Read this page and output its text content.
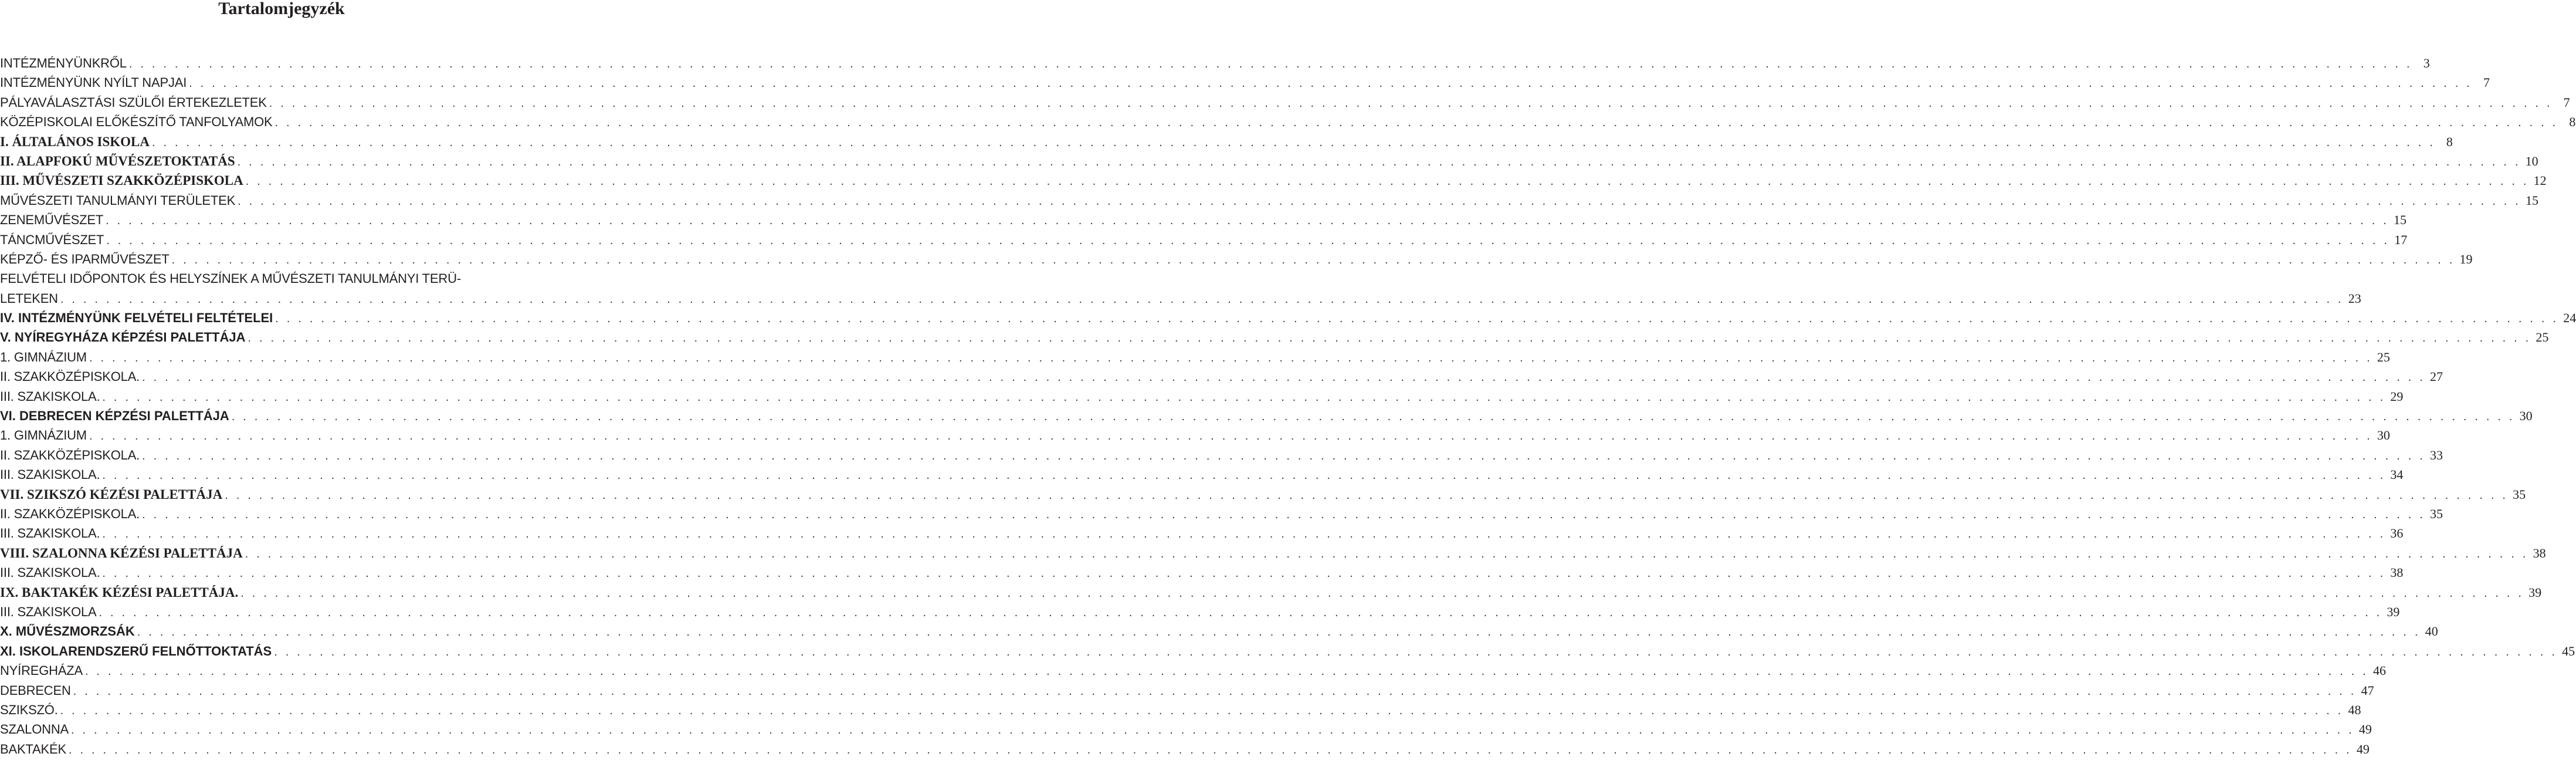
Tartalomjegyzék
INTÉZMÉNYÜNKRŐL . . . . . . . . . . . . . . . . . . . . . . . . . . . . . . . . . . . . . . . . . . . . . . . . . . . . . . . . . . . . . . . . . . . . . . . . . . . . . . . . . . . . . . . . . . . . . . . . . . . . . . . . . . . . . . . . . . . . . . . . . . . . . . . . . . . . . . . . . . . . . . . . . . . . . . . . . . . . . . . . . . . . . . . . . . . . . . . . . . . . . . . . . . . . . . . . . . . . . . . . 3
INTÉZMÉNYÜNK NYÍLT NAPJAI . . . . . . . . . . . . . . . . . . . . . . . . . . . . . . . . . . . . . . . . . . . . . . . . . . . . . . . . . . . . . . . . . . . . . . . . . . . . . . . . . . . . . . . . . . . . . . . . . . . . . . . . . . . . . . . . . . . . . . . . . . . . . . . . . . . . . . . . . . . . . . . . . . . . . . . . . . . . . . . . . . . . . . . . . . . . . . . . . . . . . . . . . . . . . . . . . . . . . . . . 7
PÁLYAVÁLASZTÁSI SZÜLŐI ÉRTEKEZLETEK . . . . . . . . . . . . . . . . . . . . . . . . . . . . . . . . . . . . . . . . . . . . . . . . . . . . . . . . . . . . . . . . . . . . . . . . . . . . . . . . . . . . . . . . . . . . . . . . . . . . . . . . . . . . . . . . . . . . . . . . . . . . . . . . . . . . . . . . . . . . . . . . . . . . . . . . . . . . . . . . . . . . . . . . . . . . . . . . . . . . . . . . . . . . . . . . . . . . . . . . 7
KÖZÉPISKOLAI ELŐKÉSZÍTŐ TANFOLYAMOK . . . . . . . . . . . . . . . . . . . . . . . . . . . . . . . . . . . . . . . . . . . . . . . . . . . . . . . . . . . . . . . . . . . . . . . . . . . . . . . . . . . . . . . . . . . . . . . . . . . . . . . . . . . . . . . . . . . . . . . . . . . . . . . . . . . . . . . . . . . . . . . . . . . . . . . . . . . . . . . . . . . . . . . . . . . . . . . . . . . . . . . . . . . . . . . . . . . . . . . . 8
I. ÁLTALÁNOS ISKOLA . . . . . . . . . . . . . . . . . . . . . . . . . . . . . . . . . . . . . . . . . . . . . . . . . . . . . . . . . . . . . . . . . . . . . . . . . . . . . . . . . . . . . . . . . . . . . . . . . . . . . . . . . . . . . . . . . . . . . . . . . . . . . . . . . . . . . . . . . . . . . . . . . . . . . . . . . . . . . . . . . . . . . . . . . . . . . . . . . . . . . . . . . . . . . . . . . . . . . . . . 8
II. ALAPFOKÚ MŰVÉSZETOKTATÁS . . . . . . . . . . . . . . . . . . . . . . . . . . . . . . . . . . . . . . . . . . . . . . . . . . . . . . . . . . . . . . . . . . . . . . . . . . . . . . . . . . . . . . . . . . . . . . . . . . . . . . . . . . . . . . . . . . . . . . . . . . . . . . . . . . . . . . . . . . . . . . . . . . . . . . . . . . . . . . . . . . . . . . . . . . . . . . . . . . . . . . . . . . . . . . . . . . . . . . . . 10
III. MŰVÉSZETI SZAKKÖZÉPISKOLA . . . . . . . . . . . . . . . . . . . . . . . . . . . . . . . . . . . . . . . . . . . . . . . . . . . . . . . . . . . . . . . . . . . . . . . . . . . . . . . . . . . . . . . . . . . . . . . . . . . . . . . . . . . . . . . . . . . . . . . . . . . . . . . . . . . . . . . . . . . . . . . . . . . . . . . . . . . . . . . . . . . . . . . . . . . . . . . . . . . . . . . . . . . . . . . . . . . . . . . . 12
MŰVÉSZETI TANULMÁNYI TERÜLETEK . . . . . . . . . . . . . . . . . . . . . . . . . . . . . . . . . . . . . . . . . . . . . . . . . . . . . . . . . . . . . . . . . . . . . . . . . . . . . . . . . . . . . . . . . . . . . . . . . . . . . . . . . . . . . . . . . . . . . . . . . . . . . . . . . . . . . . . . . . . . . . . . . . . . . . . . . . . . . . . . . . . . . . . . . . . . . . . . . . . . . . . . . . . . . . . . . . . . . . . . 15
ZENEMŰVÉSZET . . . . . . . . . . . . . . . . . . . . . . . . . . . . . . . . . . . . . . . . . . . . . . . . . . . . . . . . . . . . . . . . . . . . . . . . . . . . . . . . . . . . . . . . . . . . . . . . . . . . . . . . . . . . . . . . . . . . . . . . . . . . . . . . . . . . . . . . . . . . . . . . . . . . . . . . . . . . . . . . . . . . . . . . . . . . . . . . . . . . . . . . . . . . . . . . . . . . . . . . 15
TÁNCMŰVÉSZET . . . . . . . . . . . . . . . . . . . . . . . . . . . . . . . . . . . . . . . . . . . . . . . . . . . . . . . . . . . . . . . . . . . . . . . . . . . . . . . . . . . . . . . . . . . . . . . . . . . . . . . . . . . . . . . . . . . . . . . . . . . . . . . . . . . . . . . . . . . . . . . . . . . . . . . . . . . . . . . . . . . . . . . . . . . . . . . . . . . . . . . . . . . . . . . . . . . . . . . . 17
KÉPZŐ- ÉS IPARMŰVÉSZET . . . . . . . . . . . . . . . . . . . . . . . . . . . . . . . . . . . . . . . . . . . . . . . . . . . . . . . . . . . . . . . . . . . . . . . . . . . . . . . . . . . . . . . . . . . . . . . . . . . . . . . . . . . . . . . . . . . . . . . . . . . . . . . . . . . . . . . . . . . . . . . . . . . . . . . . . . . . . . . . . . . . . . . . . . . . . . . . . . . . . . . . . . . . . . . . . . . . . . . . 19
FELVÉTELI IDŐPONTOK ÉS HELYSZÍNEK A MŰVÉSZETI TANULMÁNYI TERÜ-
LETEKEN . . . . . . . . . . . . . . . . . . . . . . . . . . . . . . . . . . . . . . . . . . . . . . . . . . . . . . . . . . . . . . . . . . . . . . . . . . . . . . . . . . . . . . . . . . . . . . . . . . . . . . . . . . . . . . . . . . . . . . . . . . . . . . . . . . . . . . . . . . . . . . . . . . . . . . . . . . . . . . . . . . . . . . . . . . . . . . . . . . . . . . . . . . . . . . . . . . . . . . . . 23
IV. INTÉZMÉNYÜNK FELVÉTELI FELTÉTELEI . . . . . . . . . . . . . . . . . . . . . . . . . . . . . . . . . . . . . . . . . . . . . . . . . . . . . . . . . . . . . . . . . . . . . . . . . . . . . . . . . . . . . . . . . . . . . . . . . . . . . . . . . . . . . . . . . . . . . . . . . . . . . . . . . . . . . . . . . . . . . . . . . . . . . . . . . . . . . . . . . . . . . . . . . . . . . . . . . . . . . . . . . . . . . . . . . . . . . . . . 24
V. NYÍREGYHÁZA KÉPZÉSI PALETTÁJA . . . . . . . . . . . . . . . . . . . . . . . . . . . . . . . . . . . . . . . . . . . . . . . . . . . . . . . . . . . . . . . . . . . . . . . . . . . . . . . . . . . . . . . . . . . . . . . . . . . . . . . . . . . . . . . . . . . . . . . . . . . . . . . . . . . . . . . . . . . . . . . . . . . . . . . . . . . . . . . . . . . . . . . . . . . . . . . . . . . . . . . . . . . . . . . . . . . . . . . . 25
1. GIMNÁZIUM . . . . . . . . . . . . . . . . . . . . . . . . . . . . . . . . . . . . . . . . . . . . . . . . . . . . . . . . . . . . . . . . . . . . . . . . . . . . . . . . . . . . . . . . . . . . . . . . . . . . . . . . . . . . . . . . . . . . . . . . . . . . . . . . . . . . . . . . . . . . . . . . . . . . . . . . . . . . . . . . . . . . . . . . . . . . . . . . . . . . . . . . . . . . . . . . . . . . . . . . 25
II. SZAKKÖZÉPISKOLA. . . . . . . . . . . . . . . . . . . . . . . . . . . . . . . . . . . . . . . . . . . . . . . . . . . . . . . . . . . . . . . . . . . . . . . . . . . . . . . . . . . . . . . . . . . . . . . . . . . . . . . . . . . . . . . . . . . . . . . . . . . . . . . . . . . . . . . . . . . . . . . . . . . . . . . . . . . . . . . . . . . . . . . . . . . . . . . . . . . . . . . . . . . . . . . . . . . . . . . . . 27
III. SZAKISKOLA. . . . . . . . . . . . . . . . . . . . . . . . . . . . . . . . . . . . . . . . . . . . . . . . . . . . . . . . . . . . . . . . . . . . . . . . . . . . . . . . . . . . . . . . . . . . . . . . . . . . . . . . . . . . . . . . . . . . . . . . . . . . . . . . . . . . . . . . . . . . . . . . . . . . . . . . . . . . . . . . . . . . . . . . . . . . . . . . . . . . . . . . . . . . . . . . . . . . . . . . . 29
VI. DEBRECEN KÉPZÉSI PALETTÁJA . . . . . . . . . . . . . . . . . . . . . . . . . . . . . . . . . . . . . . . . . . . . . . . . . . . . . . . . . . . . . . . . . . . . . . . . . . . . . . . . . . . . . . . . . . . . . . . . . . . . . . . . . . . . . . . . . . . . . . . . . . . . . . . . . . . . . . . . . . . . . . . . . . . . . . . . . . . . . . . . . . . . . . . . . . . . . . . . . . . . . . . . . . . . . . . . . . . . . . . . 30
1. GIMNÁZIUM . . . . . . . . . . . . . . . . . . . . . . . . . . . . . . . . . . . . . . . . . . . . . . . . . . . . . . . . . . . . . . . . . . . . . . . . . . . . . . . . . . . . . . . . . . . . . . . . . . . . . . . . . . . . . . . . . . . . . . . . . . . . . . . . . . . . . . . . . . . . . . . . . . . . . . . . . . . . . . . . . . . . . . . . . . . . . . . . . . . . . . . . . . . . . . . . . . . . . . . . 30
II. SZAKKÖZÉPISKOLA. . . . . . . . . . . . . . . . . . . . . . . . . . . . . . . . . . . . . . . . . . . . . . . . . . . . . . . . . . . . . . . . . . . . . . . . . . . . . . . . . . . . . . . . . . . . . . . . . . . . . . . . . . . . . . . . . . . . . . . . . . . . . . . . . . . . . . . . . . . . . . . . . . . . . . . . . . . . . . . . . . . . . . . . . . . . . . . . . . . . . . . . . . . . . . . . . . . . . . . . . 33
III. SZAKISKOLA. . . . . . . . . . . . . . . . . . . . . . . . . . . . . . . . . . . . . . . . . . . . . . . . . . . . . . . . . . . . . . . . . . . . . . . . . . . . . . . . . . . . . . . . . . . . . . . . . . . . . . . . . . . . . . . . . . . . . . . . . . . . . . . . . . . . . . . . . . . . . . . . . . . . . . . . . . . . . . . . . . . . . . . . . . . . . . . . . . . . . . . . . . . . . . . . . . . . . . . . . 34
VII. SZIKSZÓ KÉZÉSI PALETTÁJA . . . . . . . . . . . . . . . . . . . . . . . . . . . . . . . . . . . . . . . . . . . . . . . . . . . . . . . . . . . . . . . . . . . . . . . . . . . . . . . . . . . . . . . . . . . . . . . . . . . . . . . . . . . . . . . . . . . . . . . . . . . . . . . . . . . . . . . . . . . . . . . . . . . . . . . . . . . . . . . . . . . . . . . . . . . . . . . . . . . . . . . . . . . . . . . . . . . . . . . . 35
II. SZAKKÖZÉPISKOLA. . . . . . . . . . . . . . . . . . . . . . . . . . . . . . . . . . . . . . . . . . . . . . . . . . . . . . . . . . . . . . . . . . . . . . . . . . . . . . . . . . . . . . . . . . . . . . . . . . . . . . . . . . . . . . . . . . . . . . . . . . . . . . . . . . . . . . . . . . . . . . . . . . . . . . . . . . . . . . . . . . . . . . . . . . . . . . . . . . . . . . . . . . . . . . . . . . . . . . . . . 35
III. SZAKISKOLA. . . . . . . . . . . . . . . . . . . . . . . . . . . . . . . . . . . . . . . . . . . . . . . . . . . . . . . . . . . . . . . . . . . . . . . . . . . . . . . . . . . . . . . . . . . . . . . . . . . . . . . . . . . . . . . . . . . . . . . . . . . . . . . . . . . . . . . . . . . . . . . . . . . . . . . . . . . . . . . . . . . . . . . . . . . . . . . . . . . . . . . . . . . . . . . . . . . . . . . . . 36
VIII. SZALONNA KÉZÉSI PALETTÁJA . . . . . . . . . . . . . . . . . . . . . . . . . . . . . . . . . . . . . . . . . . . . . . . . . . . . . . . . . . . . . . . . . . . . . . . . . . . . . . . . . . . . . . . . . . . . . . . . . . . . . . . . . . . . . . . . . . . . . . . . . . . . . . . . . . . . . . . . . . . . . . . . . . . . . . . . . . . . . . . . . . . . . . . . . . . . . . . . . . . . . . . . . . . . . . . . . . . . . . . . 38
III. SZAKISKOLA. . . . . . . . . . . . . . . . . . . . . . . . . . . . . . . . . . . . . . . . . . . . . . . . . . . . . . . . . . . . . . . . . . . . . . . . . . . . . . . . . . . . . . . . . . . . . . . . . . . . . . . . . . . . . . . . . . . . . . . . . . . . . . . . . . . . . . . . . . . . . . . . . . . . . . . . . . . . . . . . . . . . . . . . . . . . . . . . . . . . . . . . . . . . . . . . . . . . . . . . . 38
IX. BAKTAKÉK KÉZÉSI PALETTÁJA. . . . . . . . . . . . . . . . . . . . . . . . . . . . . . . . . . . . . . . . . . . . . . . . . . . . . . . . . . . . . . . . . . . . . . . . . . . . . . . . . . . . . . . . . . . . . . . . . . . . . . . . . . . . . . . . . . . . . . . . . . . . . . . . . . . . . . . . . . . . . . . . . . . . . . . . . . . . . . . . . . . . . . . . . . . . . . . . . . . . . . . . . . . . . . . . . . . . . . . . . 39
III. SZAKISKOLA . . . . . . . . . . . . . . . . . . . . . . . . . . . . . . . . . . . . . . . . . . . . . . . . . . . . . . . . . . . . . . . . . . . . . . . . . . . . . . . . . . . . . . . . . . . . . . . . . . . . . . . . . . . . . . . . . . . . . . . . . . . . . . . . . . . . . . . . . . . . . . . . . . . . . . . . . . . . . . . . . . . . . . . . . . . . . . . . . . . . . . . . . . . . . . . . . . . . . . . . 39
X. MŰVÉSZMORZSÁK . . . . . . . . . . . . . . . . . . . . . . . . . . . . . . . . . . . . . . . . . . . . . . . . . . . . . . . . . . . . . . . . . . . . . . . . . . . . . . . . . . . . . . . . . . . . . . . . . . . . . . . . . . . . . . . . . . . . . . . . . . . . . . . . . . . . . . . . . . . . . . . . . . . . . . . . . . . . . . . . . . . . . . . . . . . . . . . . . . . . . . . . . . . . . . . . . . . . . . . . 40
XI. ISKOLARENDSZERŰ FELNŐTTOKTATÁS . . . . . . . . . . . . . . . . . . . . . . . . . . . . . . . . . . . . . . . . . . . . . . . . . . . . . . . . . . . . . . . . . . . . . . . . . . . . . . . . . . . . . . . . . . . . . . . . . . . . . . . . . . . . . . . . . . . . . . . . . . . . . . . . . . . . . . . . . . . . . . . . . . . . . . . . . . . . . . . . . . . . . . . . . . . . . . . . . . . . . . . . . . . . . . . . . . . . . . . . 45
NYÍREGHÁZA . . . . . . . . . . . . . . . . . . . . . . . . . . . . . . . . . . . . . . . . . . . . . . . . . . . . . . . . . . . . . . . . . . . . . . . . . . . . . . . . . . . . . . . . . . . . . . . . . . . . . . . . . . . . . . . . . . . . . . . . . . . . . . . . . . . . . . . . . . . . . . . . . . . . . . . . . . . . . . . . . . . . . . . . . . . . . . . . . . . . . . . . . . . . . . . . . . . . . . . . 46
DEBRECEN . . . . . . . . . . . . . . . . . . . . . . . . . . . . . . . . . . . . . . . . . . . . . . . . . . . . . . . . . . . . . . . . . . . . . . . . . . . . . . . . . . . . . . . . . . . . . . . . . . . . . . . . . . . . . . . . . . . . . . . . . . . . . . . . . . . . . . . . . . . . . . . . . . . . . . . . . . . . . . . . . . . . . . . . . . . . . . . . . . . . . . . . . . . . . . . . . . . . . . . . 47
SZIKSZÓ. . . . . . . . . . . . . . . . . . . . . . . . . . . . . . . . . . . . . . . . . . . . . . . . . . . . . . . . . . . . . . . . . . . . . . . . . . . . . . . . . . . . . . . . . . . . . . . . . . . . . . . . . . . . . . . . . . . . . . . . . . . . . . . . . . . . . . . . . . . . . . . . . . . . . . . . . . . . . . . . . . . . . . . . . . . . . . . . . . . . . . . . . . . . . . . . . . . . . . . . . 48
SZALONNA . . . . . . . . . . . . . . . . . . . . . . . . . . . . . . . . . . . . . . . . . . . . . . . . . . . . . . . . . . . . . . . . . . . . . . . . . . . . . . . . . . . . . . . . . . . . . . . . . . . . . . . . . . . . . . . . . . . . . . . . . . . . . . . . . . . . . . . . . . . . . . . . . . . . . . . . . . . . . . . . . . . . . . . . . . . . . . . . . . . . . . . . . . . . . . . . . . . . . . . . 49
BAKTAKÉK . . . . . . . . . . . . . . . . . . . . . . . . . . . . . . . . . . . . . . . . . . . . . . . . . . . . . . . . . . . . . . . . . . . . . . . . . . . . . . . . . . . . . . . . . . . . . . . . . . . . . . . . . . . . . . . . . . . . . . . . . . . . . . . . . . . . . . . . . . . . . . . . . . . . . . . . . . . . . . . . . . . . . . . . . . . . . . . . . . . . . . . . . . . . . . . . . . . . . . . . 49
